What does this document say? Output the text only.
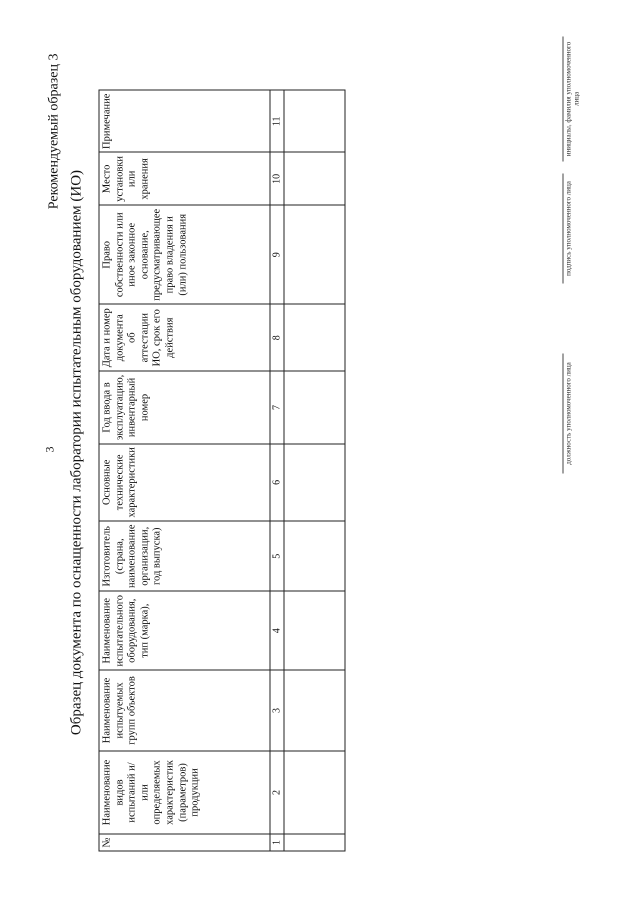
3
Рекомендуемый образец 3
Образец документа по оснащенности лаборатории испытательным оборудованием (ИО)
№	Наименование видов испытаний и/или определяемых характеристик (параметров) продукции	Наименование испытуемых групп объектов	Наименование испытательного оборудования, тип (марка),	Изготовитель (страна, наименование организации, год выпуска)	Основные технические характеристики	Год ввода в эксплуатацию, инвентарный номер	Дата и номер документа об аттестации ИО, срок его действия	Право собственности или иное законное основание, предусматривающее право владения и (или) пользования	Место установки или хранения	Примечание
1	2	3	4	5	6	7	8	9	10	11

должность уполномоченного лица
подпись уполномоченного лица
инициалы, фамилия уполномоченного лица
